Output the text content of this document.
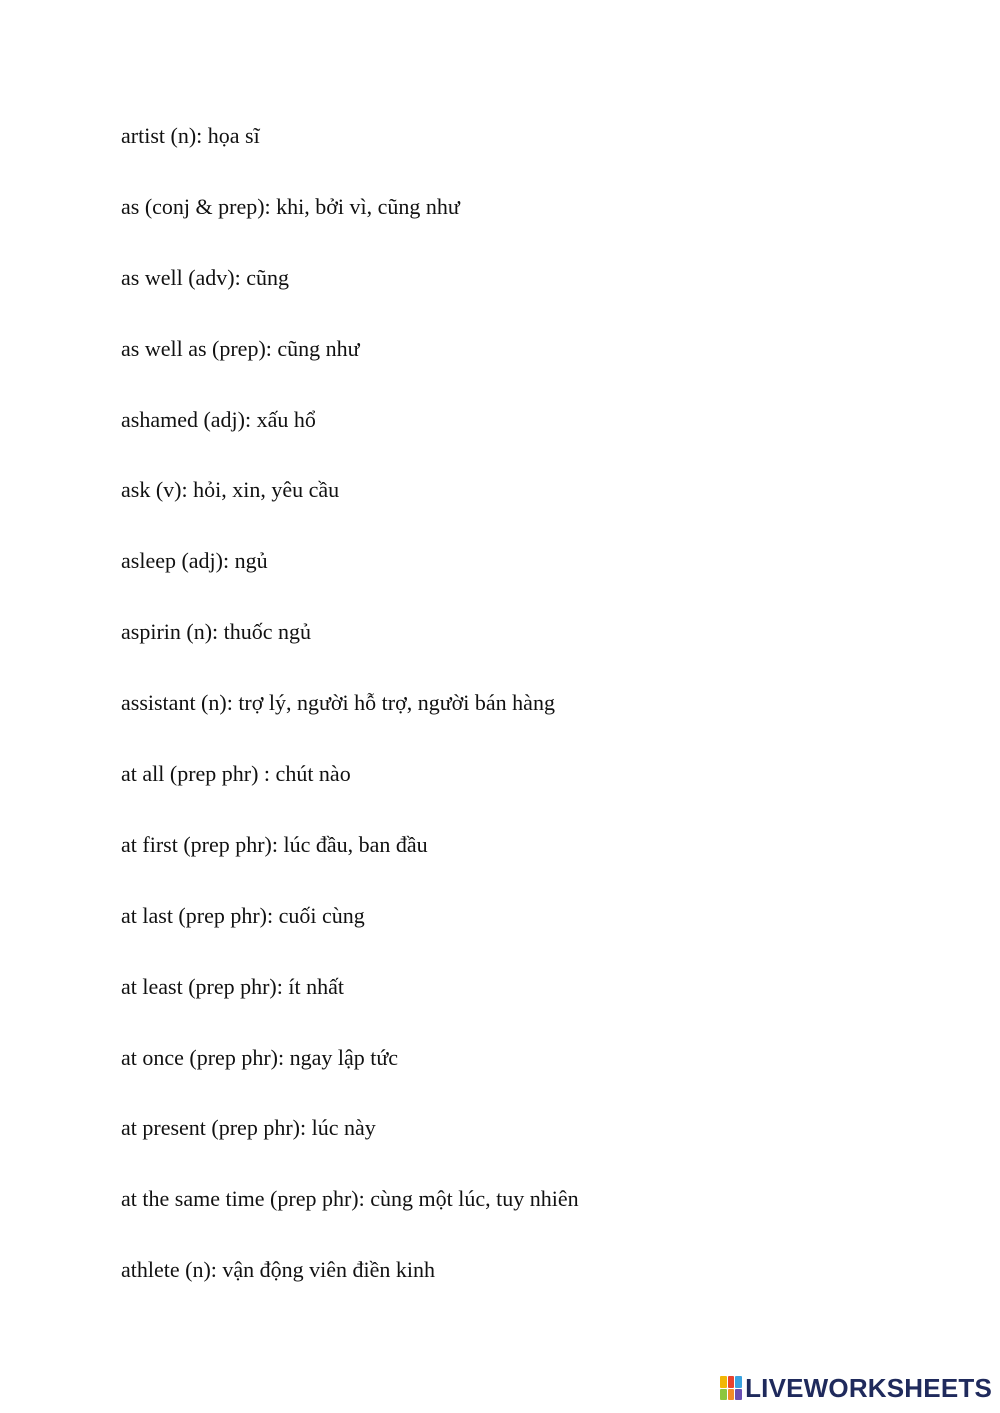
artist (n): họa sĩ
as (conj & prep): khi, bởi vì, cũng như
as well (adv): cũng
as well as (prep): cũng như
ashamed (adj): xấu hổ
ask (v): hỏi, xin, yêu cầu
asleep (adj): ngủ
aspirin (n): thuốc ngủ
assistant (n): trợ lý, người hỗ trợ, người bán hàng
at all (prep phr) : chút nào
at first (prep phr): lúc đầu, ban đầu
at last (prep phr): cuối cùng
at least (prep phr): ít nhất
at once (prep phr): ngay lập tức
at present (prep phr): lúc này
at the same time (prep phr): cùng một lúc, tuy nhiên
athlete (n): vận động viên điền kinh
LIVEWORKSHEETS
